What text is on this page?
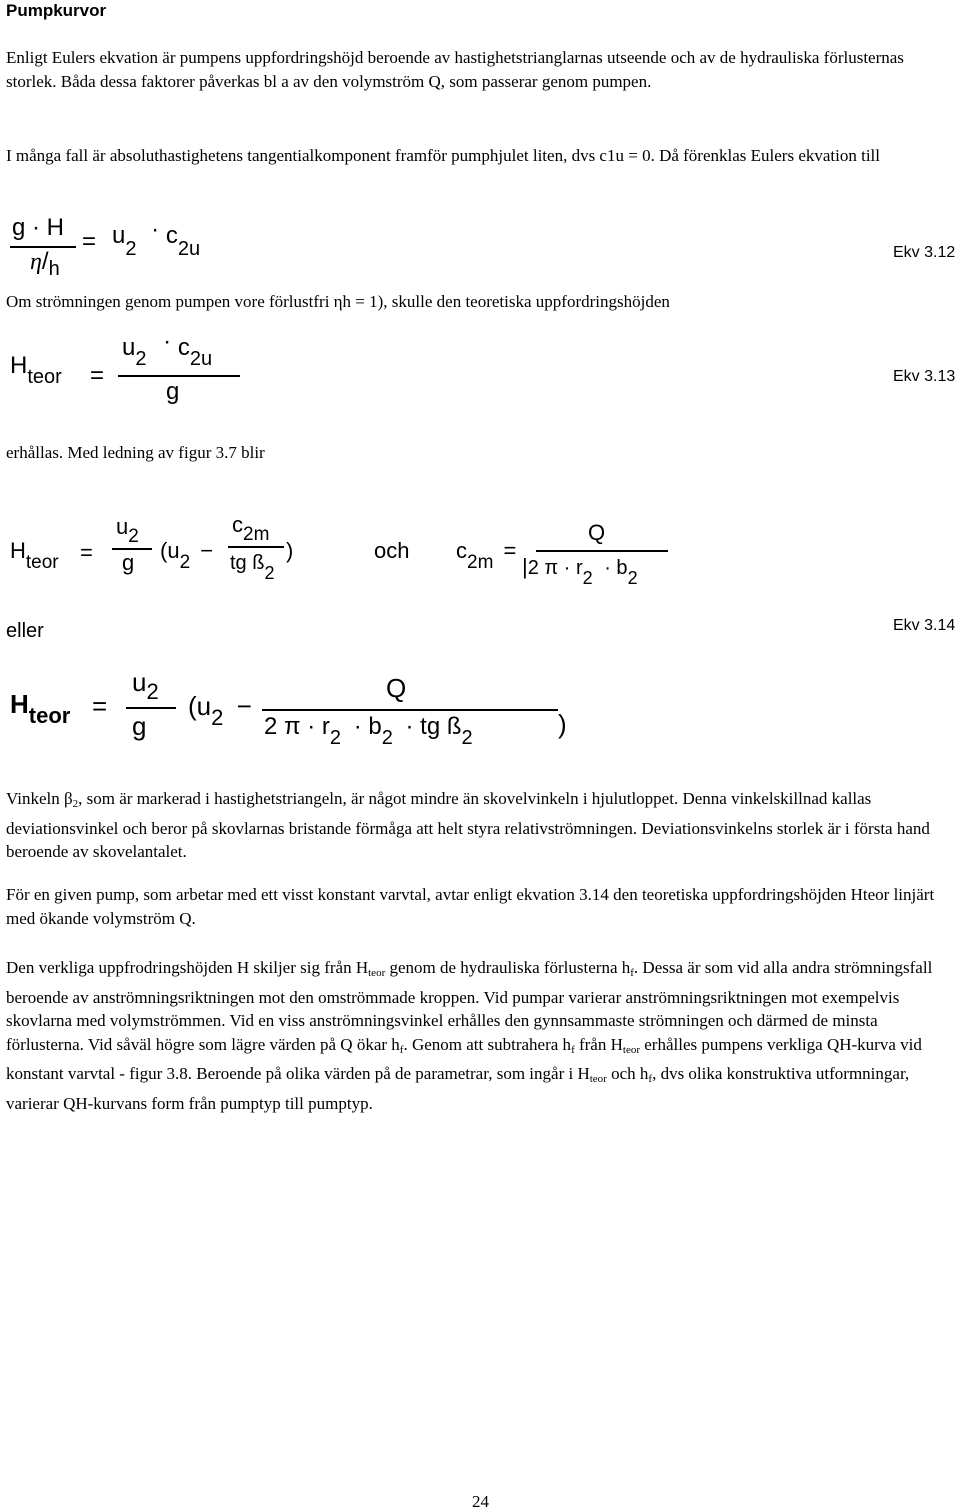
Pumpkurvor
Enligt Eulers ekvation är pumpens uppfordringshöjd beroende av hastighetstrianglarnas utseende och av de hydrauliska förlusternas storlek. Båda dessa faktorer påverkas bl a av den volymström Q, som passerar genom pumpen.
I många fall är absoluthastighetens tangentialkomponent framför pumphjulet liten, dvs c1u = 0. Då förenklas Eulers ekvation till
g · H
$\eta/_h$
= $u_2 \cdot c_{2u}$	Ekv 3.12
Om strömningen genom pumpen vore förlustfri ηh = 1), skulle den teoretiska uppfordringshöjden
$H_{teor}$ =
$u_2 \cdot c_{2u}$
g
Ekv 3.13
erhållas. Med ledning av figur 3.7 blir
Hteor =
u2
g (u2 −
c2m
tg ß2
)	och c2m =
Q
|2 π · r2 · b2
eller	Ekv 3.14
$H_{teor}$ =
$u_2$
g
($u_2$ −
Q
2 $\pi \cdot r_2 \cdot b_2$ · tg $ß_2$	)
Vinkeln $\beta_2$, som är markerad i hastighetstriangeln, är något mindre än skovelvinkeln i hjulutloppet. Denna vinkelskillnad kallas deviationsvinkel och beror på skovlarnas bristande förmåga att helt styra relativströmningen. Deviationsvinkelns storlek är i första hand beroende av skovelantalet.
För en given pump, som arbetar med ett visst konstant varvtal, avtar enligt ekvation 3.14 den teoretiska uppfordringshöjden Hteor linjärt med ökande volymström Q.
Den verkliga uppfrodringshöjden H skiljer sig från $H_{teor}$ genom de hydrauliska förlusterna $h_f$. Dessa är som vid alla andra strömningsfall beroende av anströmningsriktningen mot den omströmmade kroppen. Vid pumpar varierar anströmningsriktningen mot exempelvis skovlarna med volymströmmen. Vid en viss anströmningsvinkel erhålles den gynnsammaste strömningen och därmed de minsta förlusterna. Vid såväl högre som lägre värden på Q ökar $h_f$. Genom att subtrahera $h_f$ från $H_{teor}$ erhålles pumpens verkliga QH-kurva vid konstant varvtal - figur 3.8. Beroende på olika värden på de parametrar, som ingår i $H_{teor}$ och $h_f$, dvs olika konstruktiva utformningar, varierar QH-kurvans form från pumptyp till pumptyp.
24
